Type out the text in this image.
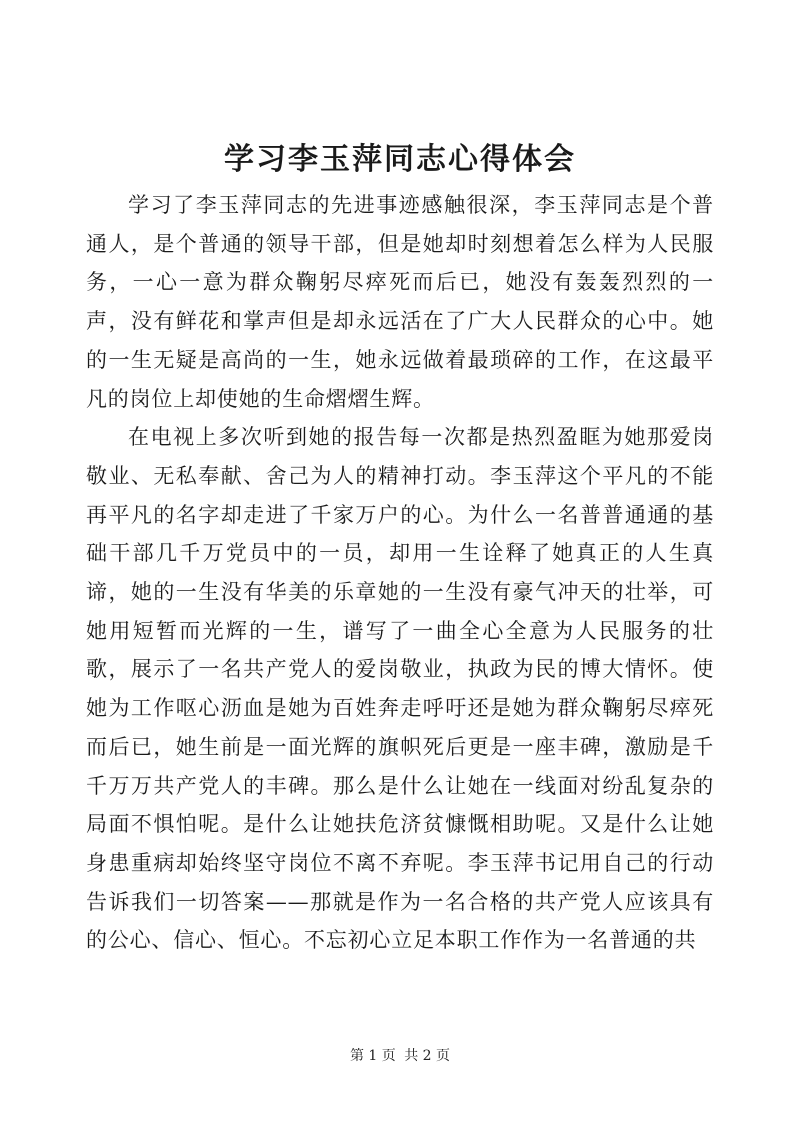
学习李玉萍同志心得体会

学习了李玉萍同志的先进事迹感触很深，李玉萍同志是个普通人，是个普通的领导干部，但是她却时刻想着怎么样为人民服务，一心一意为群众鞠躬尽瘁死而后已，她没有轰轰烈烈的一声，没有鲜花和掌声但是却永远活在了广大人民群众的心中。她的一生无疑是高尚的一生，她永远做着最琐碎的工作，在这最平凡的岗位上却使她的生命熠熠生辉。

在电视上多次听到她的报告每一次都是热烈盈眶为她那爱岗敬业、无私奉献、舍己为人的精神打动。李玉萍这个平凡的不能再平凡的名字却走进了千家万户的心。为什么一名普普通通的基础干部几千万党员中的一员，却用一生诠释了她真正的人生真谛，她的一生没有华美的乐章她的一生没有豪气冲天的壮举，可她用短暂而光辉的一生，谱写了一曲全心全意为人民服务的壮歌，展示了一名共产党人的爱岗敬业，执政为民的博大情怀。使她为工作呕心沥血是她为百姓奔走呼吁还是她为群众鞠躬尽瘁死而后已，她生前是一面光辉的旗帜死后更是一座丰碑，激励是千千万万共产党人的丰碑。那么是什么让她在一线面对纷乱复杂的局面不惧怕呢。是什么让她扶危济贫慷慨相助呢。又是什么让她身患重病却始终坚守岗位不离不弃呢。李玉萍书记用自己的行动告诉我们一切答案——那就是作为一名合格的共产党人应该具有的公心、信心、恒心。不忘初心立足本职工作作为一名普通的共

第 1 页 共 2 页
